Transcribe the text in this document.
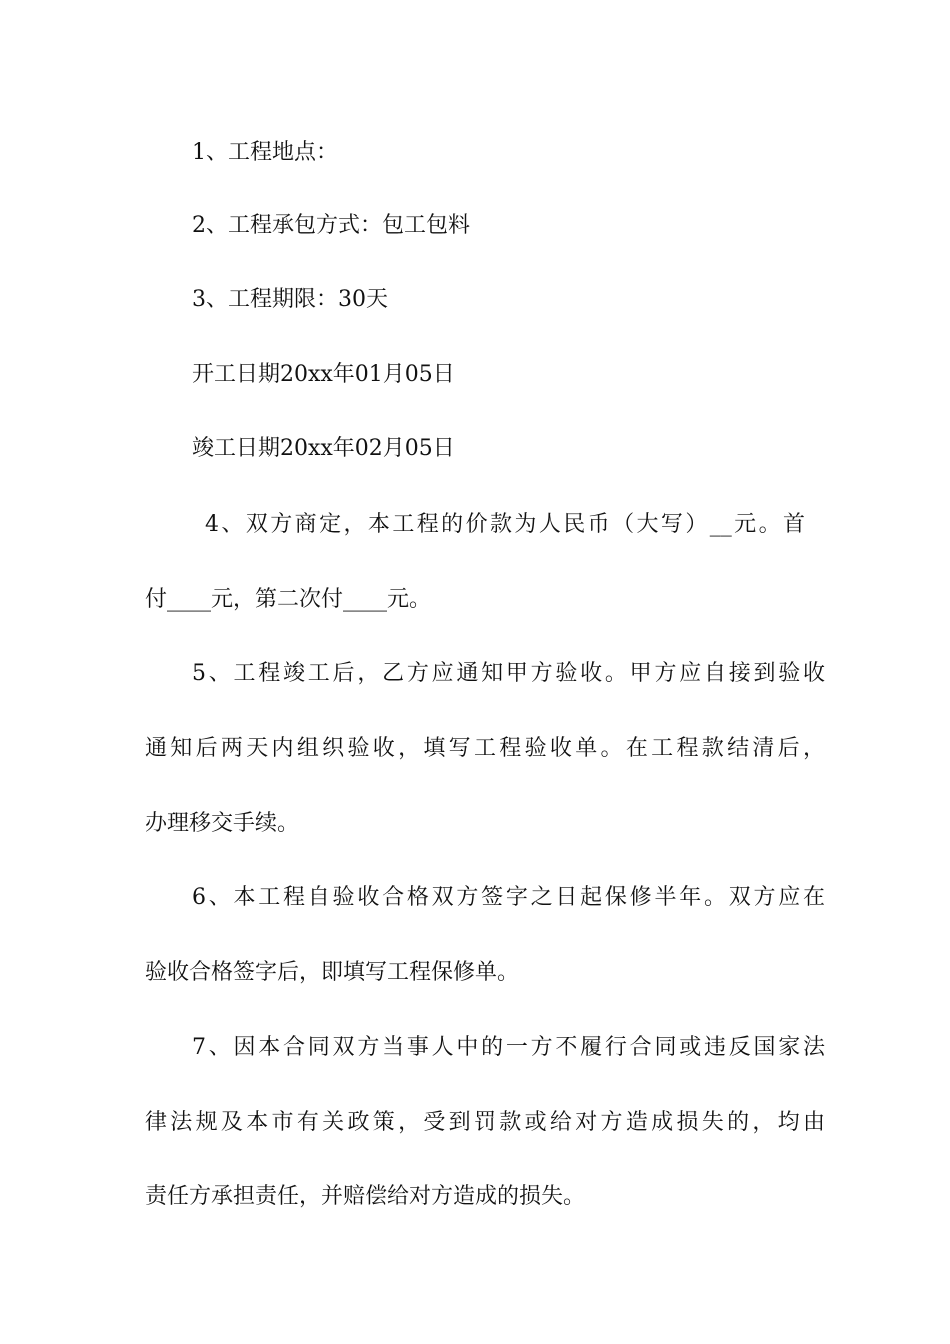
1、工程地点：
2、工程承包方式：包工包料
3、工程期限：30天
开工日期20xx年01月05日
竣工日期20xx年02月05日
4、双方商定，本工程的价款为人民币（大写）__元。首
付____元，第二次付____元。
5、工程竣工后，乙方应通知甲方验收。甲方应自接到验收
通知后两天内组织验收，填写工程验收单。在工程款结清后，
办理移交手续。
6、本工程自验收合格双方签字之日起保修半年。双方应在
验收合格签字后，即填写工程保修单。
7、因本合同双方当事人中的一方不履行合同或违反国家法
律法规及本市有关政策，受到罚款或给对方造成损失的，均由
责任方承担责任，并赔偿给对方造成的损失。
